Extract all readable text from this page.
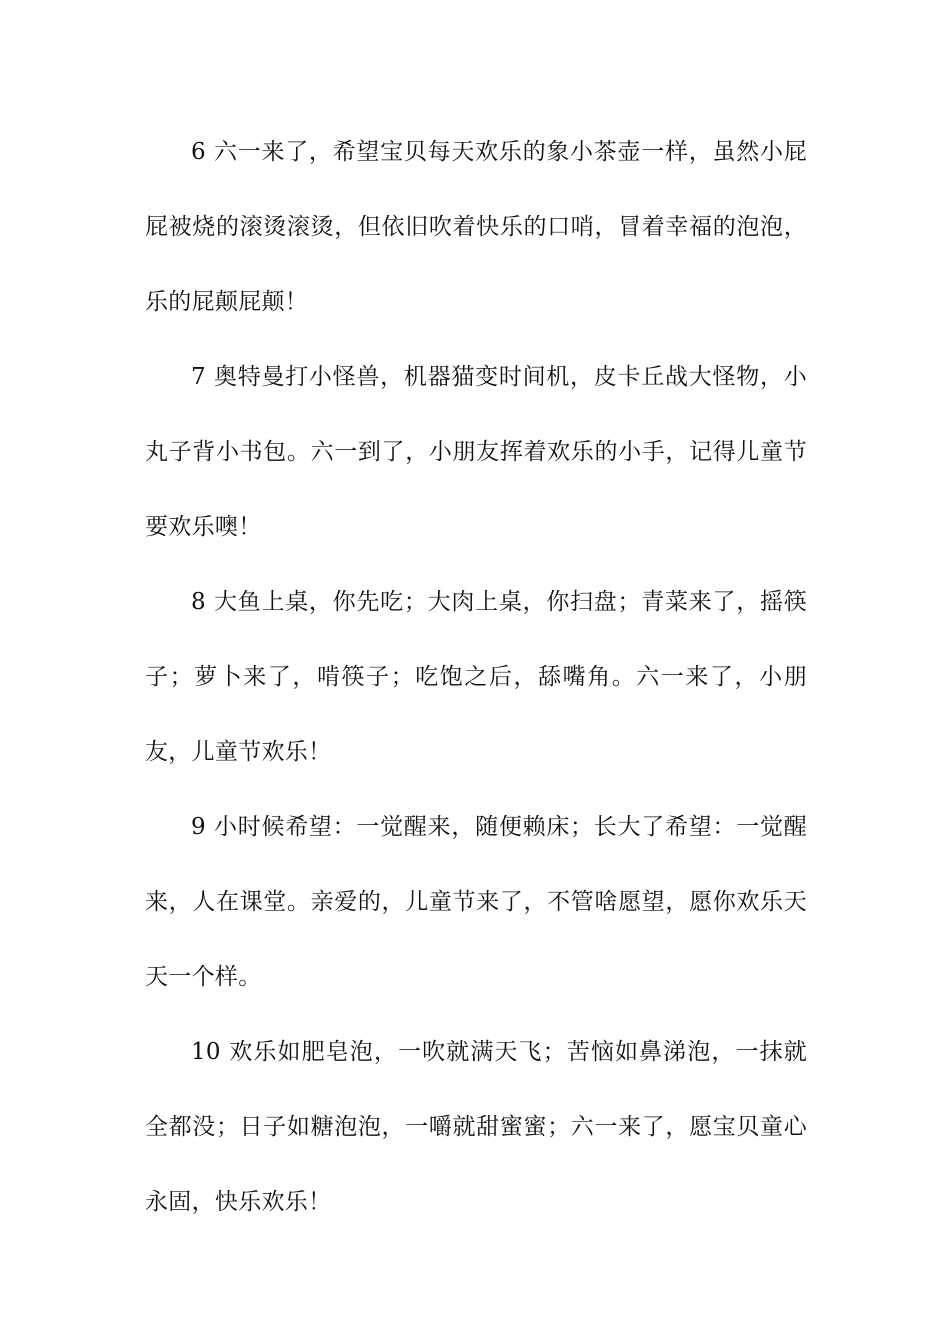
6 六一来了，希望宝贝每天欢乐的象小茶壶一样，虽然小屁屁被烧的滚烫滚烫，但依旧吹着快乐的口哨，冒着幸福的泡泡，乐的屁颠屁颠！

7 奥特曼打小怪兽，机器猫变时间机，皮卡丘战大怪物，小丸子背小书包。六一到了，小朋友挥着欢乐的小手，记得儿童节要欢乐噢！

8 大鱼上桌，你先吃；大肉上桌，你扫盘；青菜来了，摇筷子；萝卜来了，啃筷子；吃饱之后，舔嘴角。六一来了，小朋友，儿童节欢乐！

9 小时候希望：一觉醒来，随便赖床；长大了希望：一觉醒来，人在课堂。亲爱的，儿童节来了，不管啥愿望，愿你欢乐天天一个样。

10 欢乐如肥皂泡，一吹就满天飞；苦恼如鼻涕泡，一抹就全都没；日子如糖泡泡，一嚼就甜蜜蜜；六一来了，愿宝贝童心永固，快乐欢乐！
